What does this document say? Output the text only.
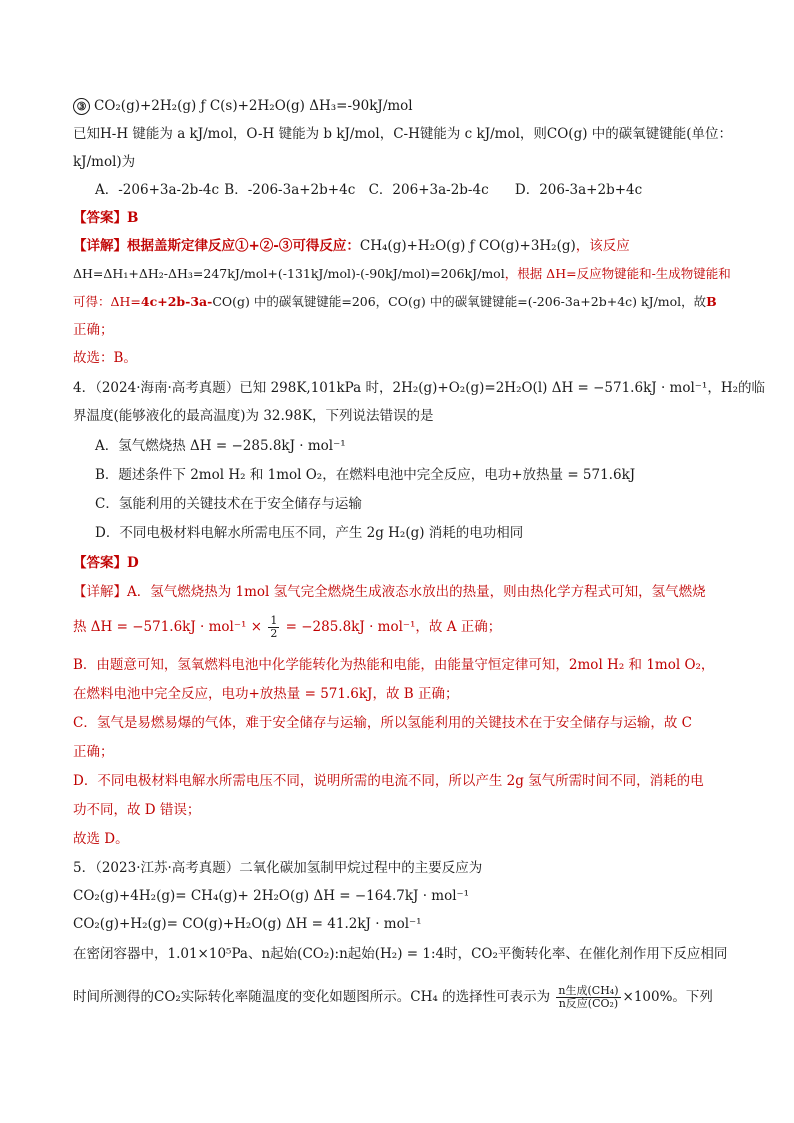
③ CO₂(g)+2H₂(g) ƒ C(s)+2H₂O(g) ΔH₃=-90kJ/mol
已知H-H 键能为 a kJ/mol，O-H 键能为 b kJ/mol，C-H键能为 c kJ/mol，则CO(g) 中的碳氧键键能(单位：
kJ/mol)为
A．-206+3a-2b-4c B．-206-3a+2b+4c C．206+3a-2b-4c D．206-3a+2b+4c
【答案】B
【详解】根据盖斯定律反应①+②-③可得反应：CH₄(g)+H₂O(g) ƒ CO(g)+3H₂(g)，该反应
ΔH=ΔH₁+ΔH₂-ΔH₃=247kJ/mol+(-131kJ/mol)-(-90kJ/mol)=206kJ/mol，根据 ΔH=反应物键能和-生成物键能和
可得：ΔH=4c+2b-3a-CO(g) 中的碳氧键键能=206，CO(g) 中的碳氧键键能=(-206-3a+2b+4c) kJ/mol，故B
正确；
故选：B。
4．（2024·海南·高考真题）已知 298K,101kPa 时，2H₂(g)+O₂(g)=2H₂O(l) ΔH = −571.6kJ · mol⁻¹，H₂的临
界温度(能够液化的最高温度)为 32.98K，下列说法错误的是
A．氢气燃烧热 ΔH = −285.8kJ · mol⁻¹
B．题述条件下 2mol H₂ 和 1mol O₂，在燃料电池中完全反应，电功+放热量 = 571.6kJ
C．氢能利用的关键技术在于安全储存与运输
D．不同电极材料电解水所需电压不同，产生 2g H₂(g) 消耗的电功相同
【答案】D
【详解】A．氢气燃烧热为 1mol 氢气完全燃烧生成液态水放出的热量，则由热化学方程式可知，氢气燃烧
热 $\Delta H = -571.6kJ \cdot mol^{-1} \times \frac{1}{2} = -285.8kJ \cdot mol^{-1}$，故 A 正确；
B．由题意可知，氢氧燃料电池中化学能转化为热能和电能，由能量守恒定律可知，2mol H₂ 和 1mol O₂，
在燃料电池中完全反应，电功+放热量 = 571.6kJ，故 B 正确；
C．氢气是易燃易爆的气体，难于安全储存与运输，所以氢能利用的关键技术在于安全储存与运输，故 C
正确；
D．不同电极材料电解水所需电压不同，说明所需的电流不同，所以产生 2g 氢气所需时间不同，消耗的电
功不同，故 D 错误；
故选 D。
5．（2023·江苏·高考真题）二氧化碳加氢制甲烷过程中的主要反应为
CO₂(g)+4H₂(g)= CH₄(g)+ 2H₂O(g) ΔH = −164.7kJ · mol⁻¹
CO₂(g)+H₂(g)= CO(g)+H₂O(g) ΔH = 41.2kJ · mol⁻¹
在密闭容器中，1.01×10⁵Pa、n起始(CO₂):n起始(H₂) = 1:4时，CO₂平衡转化率、在催化剂作用下反应相同
时间所测得的CO₂实际转化率随温度的变化如题图所示。CH₄ 的选择性可表示为 $\frac{\text{n生成(CH₄)}}{\text{n反应(CO₂)}} \times 100\%$。下列
